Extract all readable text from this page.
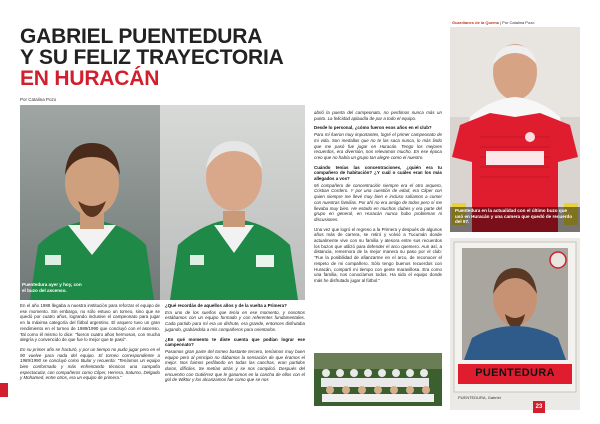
GABRIEL PUENTEDURA
Y SU FELIZ TRAYECTORIA
EN HURACÁN
Por Catalina Pozo
Puentedura ayer y hoy, con el buzo del ascenso.

En el año 1988 llegaba a nuestra institución para reforzar el equipo de ese momento. Sin embargo, no sólo estuvo un torneo, sino que se quedó por cuatro años, logrando inclusive el campeonato para jugar en la máxima categoría del fútbol argentino. El arquero tuvo un gran rendimiento en el torneo de 1989/1990 que concluyó con el ascenso. Tal como él mismo lo dice: "fueron cuatro años hermosos, con mucha alegría y convencido de que fue lo mejor que te pasó".

En su primer año se fracturó, y por un tiempo no pudo jugar pero en el 90 vuelve para nada del equipo. El torneo correspondiente a 1989/1990 se concluyó como titular y recuerda: "Teníamos un equipo bien conformado y más enfrentando técnicos una campaña espectacular, con compañeros como Cilper, Herrera, Saturno, Delgado y Mohamed, entre otros, era un equipo de primera."

¿Qué recordás de aquellos años y de la vuelta a Primera?

Era uno de los sueños que tenía en ese momento, y nosotros estábamos con un equipo formado y con referentes fundamentales. Cada partido para mí era un disfrute, era grande, entonces disfrutaba jugando, grabándola a mis compañeros para orientarlos.

¿En qué momento te diste cuenta que podían lograr ese campeonato?

Pasamos gran parte del torneo bastante tercero, teníamos muy buen equipo pero al principio no dábamos la sensación de que éramos el mejor. Nos fuimos perfilando en todas las canchas, eran partidos duros, difíciles. Se metían atrás y se nos complicó. Después del encuentro con Gutiérrez que le ganamos en la cancha de ellos con el gol de Wiktor y los alcanzamos fue como que se nos

abrió la puerta del campeonato, no perdimos nunca más un punto. La felicidad aplaudía de par a todo el equipo.

Desde lo personal, ¿cómo fueron esos años en el club?

Para mí fueron muy importantes, logré el primer campeonato de mi vida. Son medallas que no te las saca nunca, lo más lindo que me pasó fue jugar en Huracán. Tengo los mejores recuerdos, era diversión, nos relevamos mucho. En ese época creo que no había un grupo tan alegre como el nuestro.

Cuándo tenías las concentraciones, ¿quién era tu compañero de habitación? ¿Y cuál o cuáles eran los más allegados a vos?

Mi compañero de concentración siempre era el otro arquero, Cristian Cordero. Y por una cuestión de edad, era Cilper con quien siempre me llevé muy bien e incluso salíamos a comer con nuestras familias. Por ahí no era amigo de todos pero sí me llevaba muy bien. He estado en muchos clubes y era parte del grupo en general, en Huracán nunca hubo problemas ni discusiones.

Una vez que logró el regreso a la Primera y después de algunos años más de carrera, se retiró y volvió a Tucumán donde actualmente vive con su familia y atesora entre sus recuerdos los buzos que utilizó para defender el arco quemero. Aun así, a distancia, rememora de la mejor manera su paso por el club: "Fue la posibilidad de afianzarme en el arco, de reconocer el respeto de mi compañero. Sólo tengo buenos recuerdos con Huracán, compartí mi tiempo con gente maravillosa. Era como una familia, nos conocíamos todos. Ha sido el equipo donde más he disfrutado jugar al fútbol."

Guardianes de la Quema | Por Catalina Pozo
Puentedura en la actualidad con el último buzo que usó en Huracán y una camera que quedó de recuerdo del 97.
PUENTEDURA
PUENTEDURA, Gabriel
23
